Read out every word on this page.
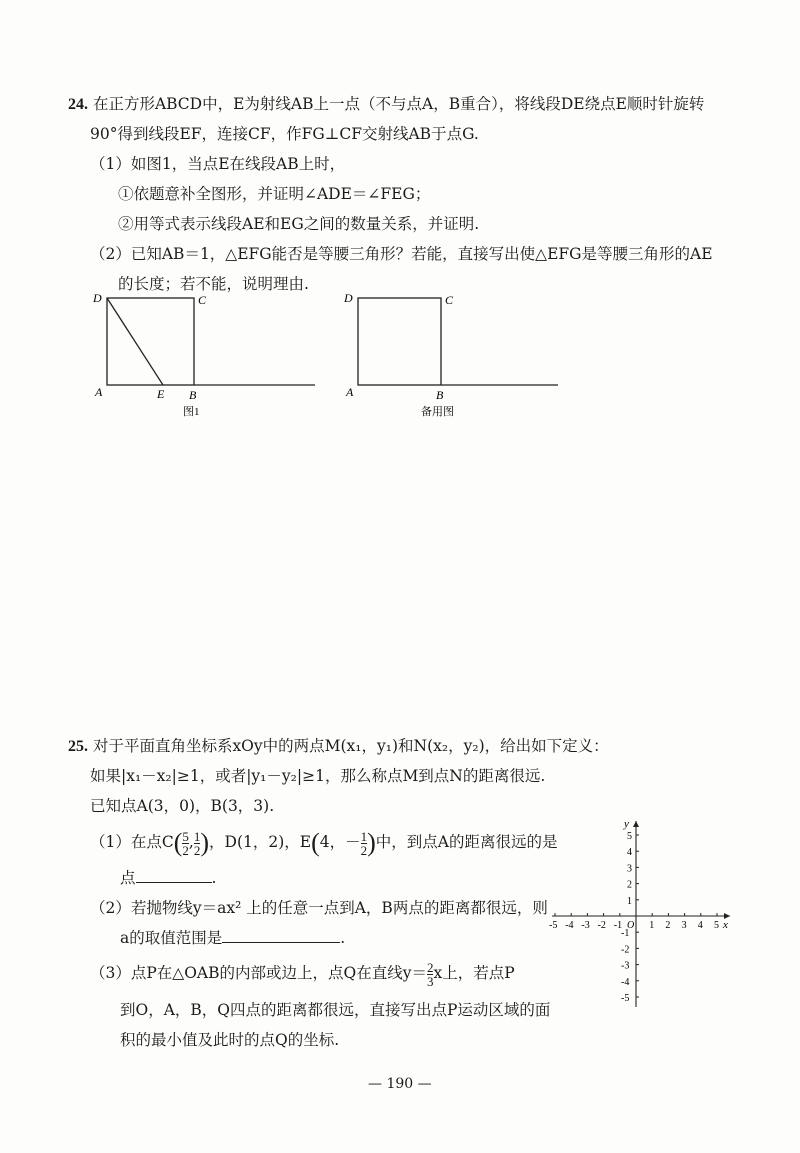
24. 在正方形ABCD中，E为射线AB上一点（不与点A，B重合），将线段DE绕点E顺时针旋转
90°得到线段EF，连接CF，作FG⊥CF交射线AB于点G.
（1）如图1，当点E在线段AB上时，
①依题意补全图形，并证明∠ADE＝∠FEG；
②用等式表示线段AE和EG之间的数量关系，并证明.
（2）已知AB＝1，△EFG能否是等腰三角形？若能，直接写出使△EFG是等腰三角形的AE
的长度；若不能，说明理由.
D	C
A	E B
图1
D	C
A	B
备用图
25. 对于平面直角坐标系xOy中的两点M(x₁，y₁)和N(x₂，y₂)，给出如下定义：
如果|x₁－x₂|≥1，或者|y₁－y₂|≥1，那么称点M到点N的距离很远.
已知点A(3，0)，B(3，3).
（1）在点$C( \frac{5}{2}$ , $\frac{1}{2}$ )，D(1，2)，E(4，－ $\frac{1}{2}$ )中，到点A的距离很远的是
点	.
（2）若抛物线y＝ax² 上的任意一点到A，B两点的距离都很远，则
a的取值范围是	.
（3）点P在△OAB的内部或边上，点Q在直线$y= \frac{2}{3}$ x上，若点P
到O，A，B，Q四点的距离都很远，直接写出点P运动区域的面
积的最小值及此时的点Q的坐标.
x
y
O
-5 -4 -3 -2 -1	1 2 3 4 5
5
4
3
2
1
-1
-2
-3
-4
-5
— 190 —
